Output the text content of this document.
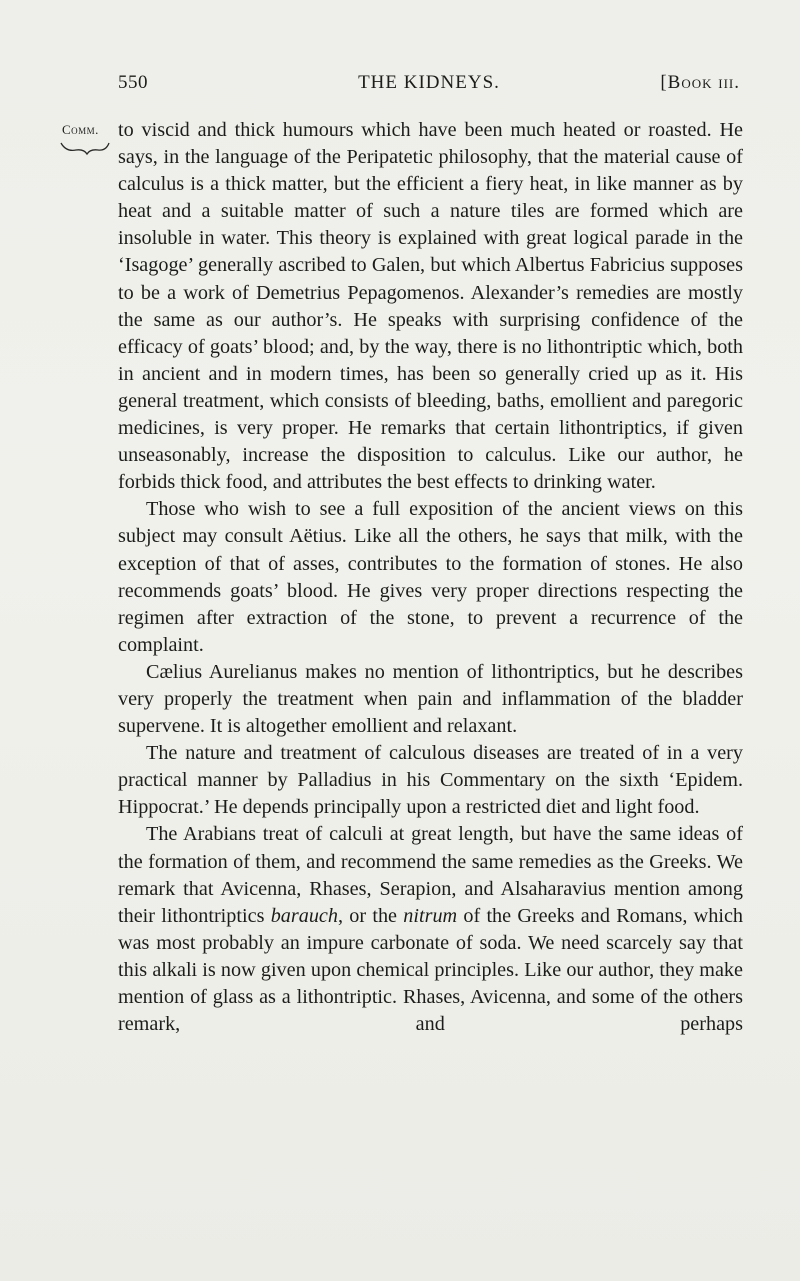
550	THE KIDNEYS.	[Book iii.
Comm. to viscid and thick humours which have been much heated or roasted. He says, in the language of the Peripatetic philosophy, that the material cause of calculus is a thick matter, but the efficient a fiery heat, in like manner as by heat and a suitable matter of such a nature tiles are formed which are insoluble in water. This theory is explained with great logical parade in the ‘Isagoge’ generally ascribed to Galen, but which Albertus Fabricius supposes to be a work of Demetrius Pepagomenos. Alexander’s remedies are mostly the same as our author’s. He speaks with surprising confidence of the efficacy of goats’ blood; and, by the way, there is no lithontriptic which, both in ancient and in modern times, has been so generally cried up as it. His general treatment, which consists of bleeding, baths, emollient and paregoric medicines, is very proper. He remarks that certain lithontriptics, if given unseasonably, increase the disposition to calculus. Like our author, he forbids thick food, and attributes the best effects to drinking water.

Those who wish to see a full exposition of the ancient views on this subject may consult Aëtius. Like all the others, he says that milk, with the exception of that of asses, contributes to the formation of stones. He also recommends goats’ blood. He gives very proper directions respecting the regimen after extraction of the stone, to prevent a recurrence of the complaint.

Cælius Aurelianus makes no mention of lithontriptics, but he describes very properly the treatment when pain and inflammation of the bladder supervene. It is altogether emollient and relaxant.

The nature and treatment of calculous diseases are treated of in a very practical manner by Palladius in his Commentary on the sixth ‘Epidem. Hippocrat.’ He depends principally upon a restricted diet and light food.

The Arabians treat of calculi at great length, but have the same ideas of the formation of them, and recommend the same remedies as the Greeks. We remark that Avicenna, Rhases, Serapion, and Alsaharavius mention among their lithontriptics barauch, or the nitrum of the Greeks and Romans, which was most probably an impure carbonate of soda. We need scarcely say that this alkali is now given upon chemical principles. Like our author, they make mention of glass as a lithontriptic. Rhases, Avicenna, and some of the others remark, and perhaps
